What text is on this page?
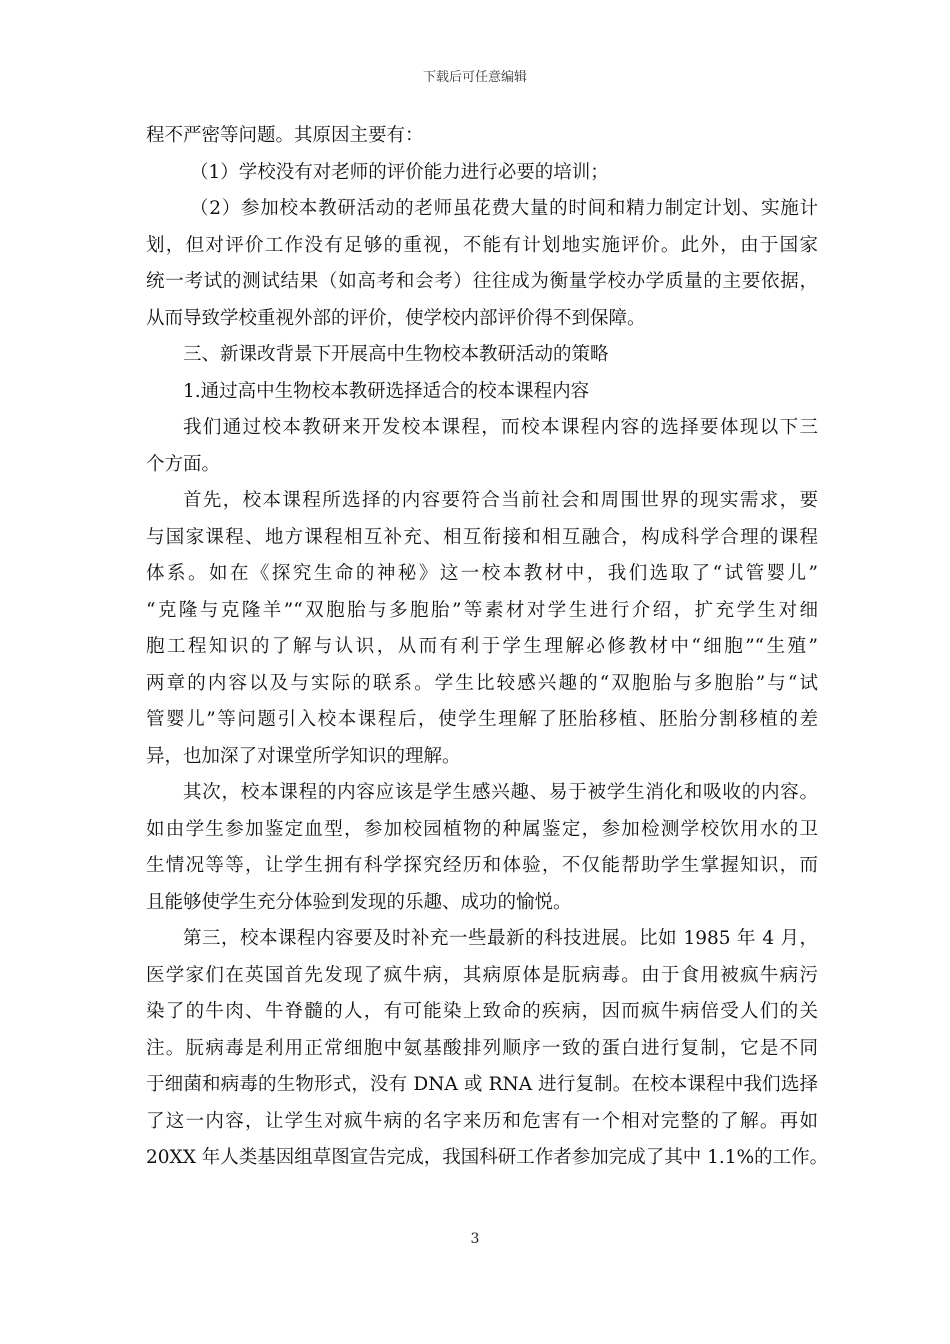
下载后可任意编辑
程不严密等问题。其原因主要有：
（1）学校没有对老师的评价能力进行必要的培训；
（2）参加校本教研活动的老师虽花费大量的时间和精力制定计划、实施计
划，但对评价工作没有足够的重视，不能有计划地实施评价。此外，由于国家
统一考试的测试结果（如高考和会考）往往成为衡量学校办学质量的主要依据，
从而导致学校重视外部的评价，使学校内部评价得不到保障。
三、新课改背景下开展高中生物校本教研活动的策略
1.通过高中生物校本教研选择适合的校本课程内容
我们通过校本教研来开发校本课程，而校本课程内容的选择要体现以下三
个方面。
首先，校本课程所选择的内容要符合当前社会和周围世界的现实需求，要
与国家课程、地方课程相互补充、相互衔接和相互融合，构成科学合理的课程
体系。如在《探究生命的神秘》这一校本教材中，我们选取了“试管婴儿”
“克隆与克隆羊”“双胞胎与多胞胎”等素材对学生进行介绍，扩充学生对细
胞工程知识的了解与认识，从而有利于学生理解必修教材中“细胞”“生殖”
两章的内容以及与实际的联系。学生比较感兴趣的“双胞胎与多胞胎”与“试
管婴儿”等问题引入校本课程后，使学生理解了胚胎移植、胚胎分割移植的差
异，也加深了对课堂所学知识的理解。
其次，校本课程的内容应该是学生感兴趣、易于被学生消化和吸收的内容。
如由学生参加鉴定血型，参加校园植物的种属鉴定，参加检测学校饮用水的卫
生情况等等，让学生拥有科学探究经历和体验，不仅能帮助学生掌握知识，而
且能够使学生充分体验到发现的乐趣、成功的愉悦。
第三，校本课程内容要及时补充一些最新的科技进展。比如 1985 年 4 月，
医学家们在英国首先发现了疯牛病，其病原体是朊病毒。由于食用被疯牛病污
染了的牛肉、牛脊髓的人，有可能染上致命的疾病，因而疯牛病倍受人们的关
注。朊病毒是利用正常细胞中氨基酸排列顺序一致的蛋白进行复制，它是不同
于细菌和病毒的生物形式，没有 DNA 或 RNA 进行复制。在校本课程中我们选择
了这一内容，让学生对疯牛病的名字来历和危害有一个相对完整的了解。再如
20XX 年人类基因组草图宣告完成，我国科研工作者参加完成了其中 1.1%的工作。
3
